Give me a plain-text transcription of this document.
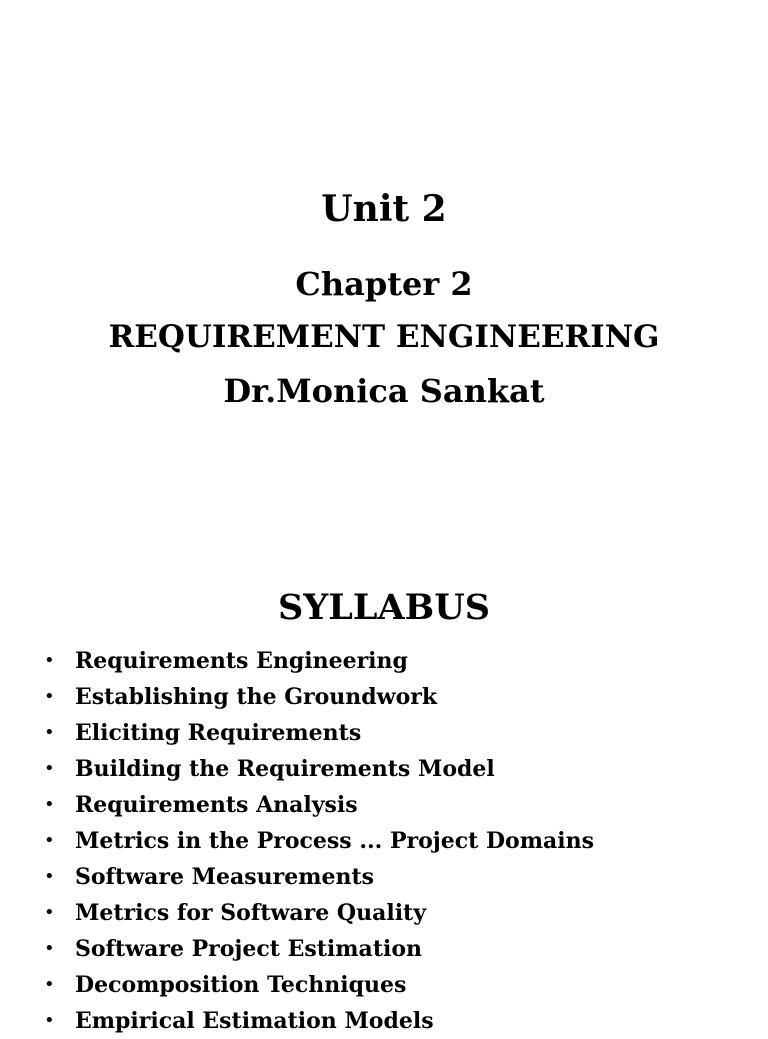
Unit 2
Chapter 2
REQUIREMENT ENGINEERING
Dr.Monica Sankat
SYLLABUS
• Requirements Engineering
• Establishing the Groundwork
• Eliciting Requirements
• Building the Requirements Model
• Requirements Analysis
• Metrics in the Process ... Project Domains
• Software Measurements
• Metrics for Software Quality
• Software Project Estimation
• Decomposition Techniques
• Empirical Estimation Models
